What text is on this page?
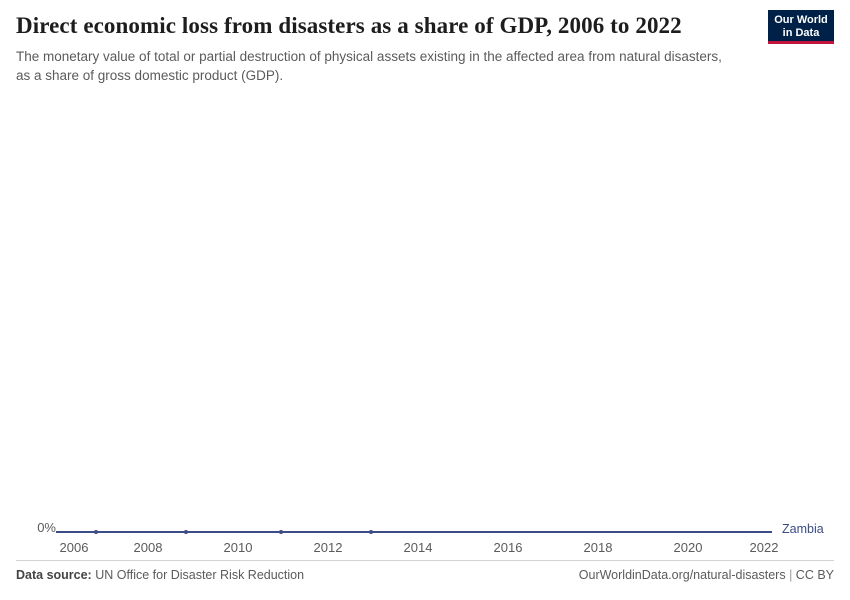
Direct economic loss from disasters as a share of GDP, 2006 to 2022

The monetary value of total or partial destruction of physical assets existing in the affected area from natural disasters, as a share of gross domestic product (GDP).

Our World
in Data
0%	Zambia
2006	2008	2010	2012	2014	2016	2018	2020	2022
Data source: UN Office for Disaster Risk Reduction	OurWorldinData.org/natural-disasters | CC BY
